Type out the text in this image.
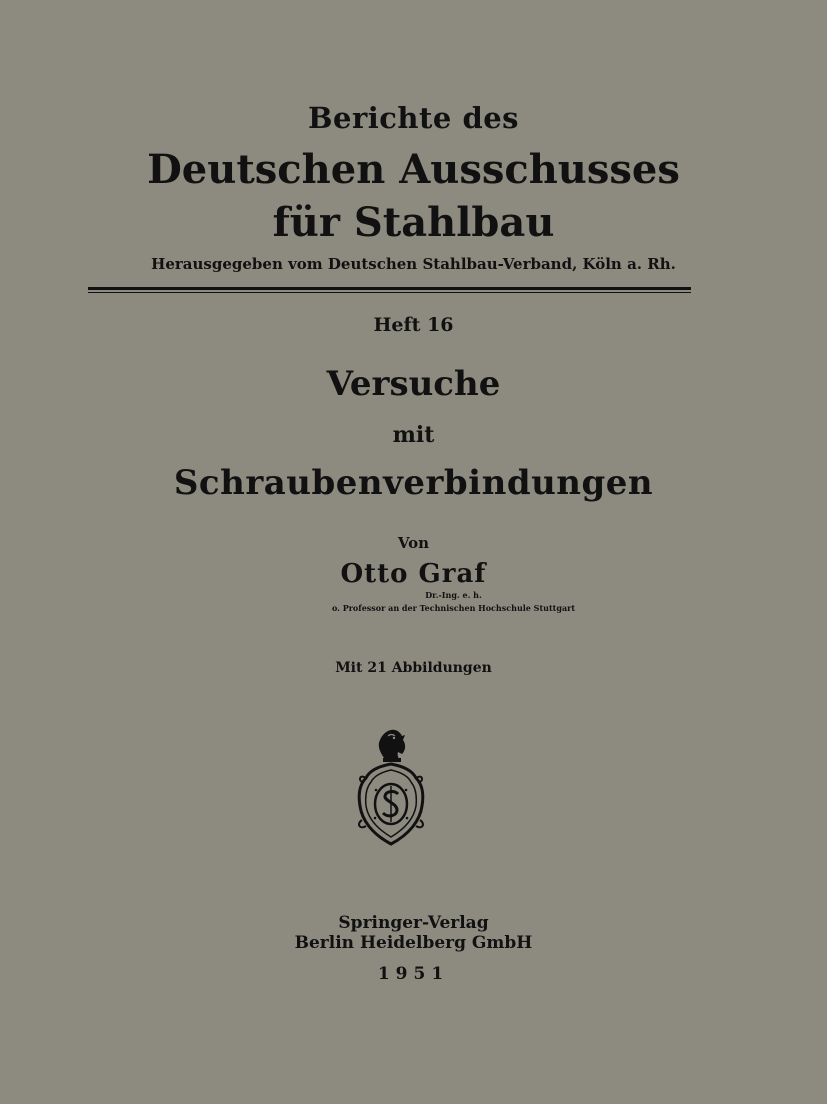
Berichte des
Deutschen Ausschusses
für Stahlbau
Herausgegeben vom Deutschen Stahlbau-Verband, Köln a. Rh.
Heft 16
Versuche
mit
Schraubenverbindungen
Von
Otto Graf
Dr.-Ing. e. h.
o. Professor an der Technischen Hochschule Stuttgart
Mit 21 Abbildungen
Springer-Verlag
Berlin Heidelberg GmbH
1951
